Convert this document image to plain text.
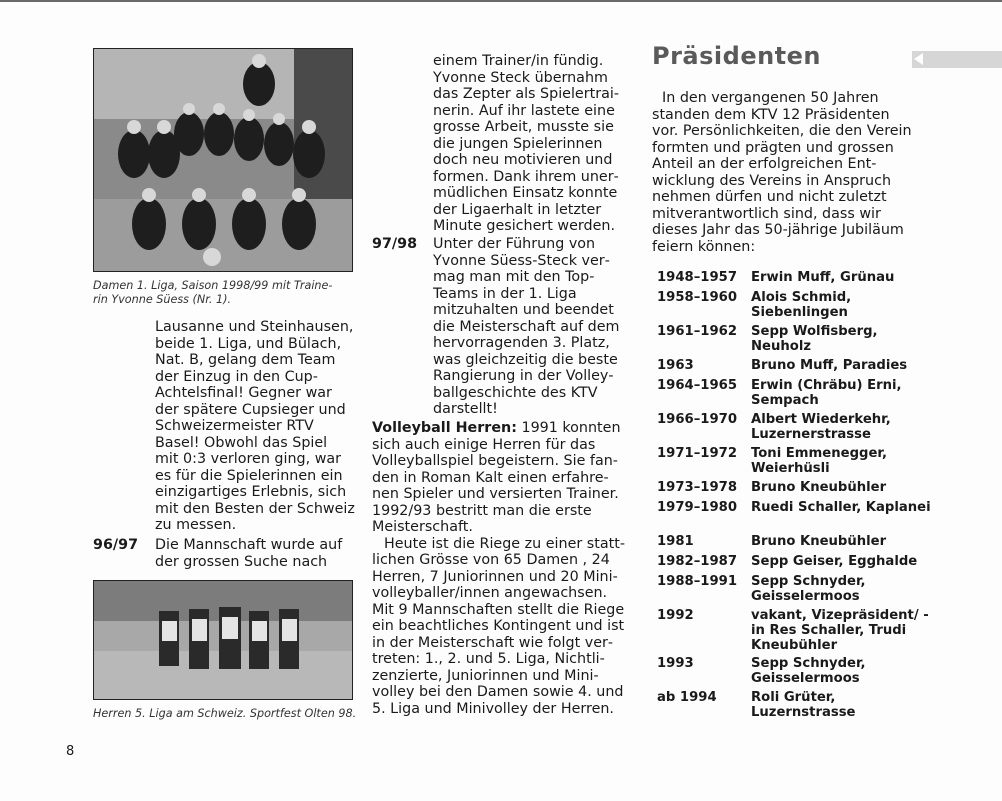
Damen 1. Liga, Saison 1998/99 mit Traine-
rin Yvonne Süess (Nr. 1).

Lausanne und Steinhausen, beide 1. Liga, und Bülach, Nat. B, gelang dem Team der Einzug in den Cup-Achtelsfinal! Gegner war der spätere Cupsieger und Schweizermeister RTV Basel! Obwohl das Spiel mit 0:3 verloren ging, war es für die Spielerinnen ein einzigartiges Erlebnis, sich mit den Besten der Schweiz zu messen.

96/97 Die Mannschaft wurde auf der grossen Suche nach

Herren 5. Liga am Schweiz. Sportfest Olten 98.

einem Trainer/in fündig. Yvonne Steck übernahm das Zepter als Spielertrainerin. Auf ihr lastete eine grosse Arbeit, musste sie die jungen Spielerinnen doch neu motivieren und formen. Dank ihrem unermüdlichen Einsatz konnte der Ligaerhalt in letzter Minute gesichert werden.

97/98 Unter der Führung von Yvonne Süess-Steck vermag man mit den Top-Teams in der 1. Liga mitzuhalten und beendet die Meisterschaft auf dem hervorragenden 3. Platz, was gleichzeitig die beste Rangierung in der Volleyballgeschichte des KTV darstellt!

Volleyball Herren: 1991 konnten sich auch einige Herren für das Volleyballspiel begeistern. Sie fanden in Roman Kalt einen erfahrenen Spieler und versierten Trainer. 1992/93 bestritt man die erste Meisterschaft.

Heute ist die Riege zu einer stattlichen Grösse von 65 Damen , 24 Herren, 7 Juniorinnen und 20 Minivolleyballer/innen angewachsen. Mit 9 Mannschaften stellt die Riege ein beachtliches Kontingent und ist in der Meisterschaft wie folgt vertreten: 1., 2. und 5. Liga, Nichtlizenzierte, Juniorinnen und Minivolley bei den Damen sowie 4. und 5. Liga und Minivolley der Herren.

Präsidenten

In den vergangenen 50 Jahren standen dem KTV 12 Präsidenten vor. Persönlichkeiten, die den Verein formten und prägten und grossen Anteil an der erfolgreichen Entwicklung des Vereins in Anspruch nehmen dürfen und nicht zuletzt mitverantwortlich sind, dass wir dieses Jahr das 50-jährige Jubiläum feiern können:

1948–1957 Erwin Muff, Grünau
1958–1960 Alois Schmid, Siebenlingen
1961–1962 Sepp Wolfisberg, Neuholz
1963	Bruno Muff, Paradies
1964–1965 Erwin (Chräbu) Erni, Sempach
1966–1970 Albert Wiederkehr, Luzernerstrasse
1971–1972 Toni Emmenegger, Weierhüsli
1973–1978 Bruno Kneubühler
1979–1980 Ruedi Schaller, Kaplanei
1981	Bruno Kneubühler
1982–1987 Sepp Geiser, Egghalde
1988–1991 Sepp Schnyder, Geisselermoos
1992	vakant, Vizepräsident/ -in Res Schaller, Trudi Kneubühler
1993	Sepp Schnyder, Geisselermoos
ab 1994	Roli Grüter, Luzernstrasse
8
